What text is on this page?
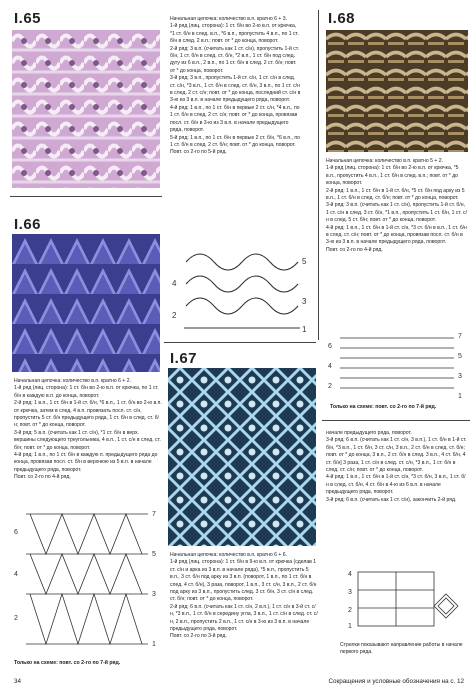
I.65	Начальная цепочка: количество в.п. кратно 6 + 3.

1-й ряд (лиц. сторона): 1 ст. б/н во 2-ю в.п. от крючка, *1 ст. б/н в след. в.п., *6 в.п., пропустить 4 в.п., по 1 ст. б/н в след. 2 в.п.; повт. от * до конца, поворот.

2-й ряд: 3 в.п. (считать как 1 ст. с/н), пропустить 1-й ст. б/н, 1 ст. б/н в след. ст. б/н, *2 в.п., 1 ст. б/н под след. дугу из 6 в.п., 2 в.п., по 1 ст. б/н в след. 2 ст. б/н; повт. от * до конца, поворот.

3-й ряд: 3 в.п., пропустить 1-й ст. с/н, 1 ст. с/н в след. ст. с/н, *3 в.п., 1 ст. б/н в след. ст. б/н, 3 в.п., по 1 ст. с/н в след. 2 ст. с/н; повт. от * до конца, последний ст. с/н в 3-ю из 3 в.п. в начале предыдущего ряда, поворот.

4-й ряд: 1 в.п., по 1 ст. б/н в первые 2 ст. с/н, *4 в.п., по 1 ст. б/н в след. 2 ст. с/н; повт. от * до конца, провязав посл. ст. б/н в 3-ю из 3 в.п. в начале предыдущего ряда, поворот.

5-й ряд: 1 в.п., по 1 ст. б/н в первые 2 ст. б/н, *6 в.п., по 1 ст. б/н в след. 2 ст. б/н; повт. от * до конца, поворот.

Повт. со 2-го по 5-й ряд.

5
4
3
2
1
I.68

Начальная цепочка: количество в.п. кратно 5 + 2.

1-й ряд (лиц. сторона): 1 ст. б/н во 2-ю в.п. от крючка, *5 в.п., пропустить 4 в.п., 1 ст. б/н в след. в.п.; повт. от * до конца, поворот.

2-й ряд: 1 в.п., 1 ст. б/н в 1-й ст. б/н, *5 ст. б/н под арку из 5 в.п., 1 ст. б/н в след. ст. б/н; повт. от * до конца, поворот.

3-й ряд: 3 в.п. (считать как 1 ст. с/н), пропустить 1-й ст. б/н, 1 ст. с/н в след. 3 ст. б/н, *1 в.п., пропустить 1 ст. б/н, 1 ст. с/н в след. 5 ст. б/н; повт. от * до конца, поворот.

4-й ряд: 1 в.п., 1 ст. б/н в 1-й ст. с/н, *3 ст. б/н в в.п., 1 ст. б/н в след. ст. с/н; повт. от * до конца, провязав посл. ст. б/н в 3-ю из 3 в.п. в начале предыдущего ряда, поворот.

Повт. со 2-го по 4-й ряд.

7
6
5
4
3
2
1
Только на схеме: повт. со 2-го по 7-й ряд.

начале предыдущего ряда, поворот.

3-й ряд: 6 в.п. (считать как 1 ст. с/н, 3 в.п.), 1 ст. б/н в 1-й ст. б/н, *3 в.п., 1 ст. б/н, 3 ст. с/н, 3 в.п., 2 ст. б/н в след. ст. б/н; повт. от * до конца, 3 в.п., 2 ст. б/н в след. 3 в.п., 4 ст. б/н, 4 ст. б/н] 3 раза, 1 ст. с/н в след. ст. с/н, *3 в.п., 1 ст. б/н в след. ст. с/н; повт. от * до конца, поворот.

4-й ряд: 1 в.п., 1 ст. б/н в 1-й ст. с/н, *3 ст. б/н, 3 в.п., 1 ст. б/н в след. ст. б/н, 4 ст. б/н в 4-ю из 6 в.п. в начале предыдущего ряда, поворот.

3-й ряд: 6 в.п. (считать как 1 ст. с/н), закончить 2-й ряд.

4
3
2
1
Стрелки показывают направление работы в начале первого ряда.
I.66

Начальная цепочка: количество в.п. кратно 6 + 2.

1-й ряд (лиц. сторона): 1 ст. б/н во 2-ю в.п. от крючка, по 1 ст. б/н в каждую в.п. до конца, поворот.

2-й ряд: 1 в.п., 1 ст. б/н в 1-й ст. б/н, *6 в.п., 1 ст. б/н во 2-ю в.п. от крючка, затем в след. 4 в.п. провязать посл. ст. с/н, пропустить 5 ст. б/н предыдущего ряда, 1 ст. б/н в след. ст. б/н; повт. от * до конца, поворот.

3-й ряд: 5 в.п. (считать как 1 ст. с/н), *1 ст. б/н в верх. вершины следующего треугольника, 4 в.п., 1 ст. с/н в след. ст. б/н; повт. от * до конца, поворот.

4-й ряд: 1 в.п., по 1 ст. б/н в каждую п. предыдущего ряда до конца, провязав посл. ст. б/н в верхнюю из 5 в.п. в начале предыдущего ряда, поворот.

Повт. со 2-го по 4-й ряд.

7
6
5
4
3
2
1
Только на схеме: повт. со 2-го по 7-й ряд.
I.67

Начальная цепочка: количество в.п. кратно 6 + 6.

1-й ряд (лиц. сторона): 1 ст. б/н в 9-ю в.п. от крючка (сделав 1 ст. с/н и арка из 3 в.п. в начале ряда), *5 в.п., пропустить 5 в.п., 3 ст. б/н под арку из 3 в.п. (поворот, 1 в.п., по 1 ст. б/н в след. 4 ст. б/н), 3 раза, поворот, 1 в.п., 3 ст. с/н, 3 в.п., 2 ст. б/н под арку из 3 в.п., пропустить след. 3 ст. б/н, 3 ст. с/н в след. ст. б/н; повт. от * до конца, поворот.

2-й ряд: 6 в.п. (считать как 1 ст. с/н, 2 в.п.), 1 ст. с/н в 3-й ст. с/н, *3 в.п., 1 ст. б/н в середину угла, 3 в.п., 1 ст. с/н в след. ст. с/н, 2 в.п., пропустить 2 в.п., 1 ст. с/н в 3-ю из 3 в.п. в начале предыдущего ряда, поворот.

Повт. со 2-го по 3-й ряд.

34	Сокращения и условные обозначения на с. 12
